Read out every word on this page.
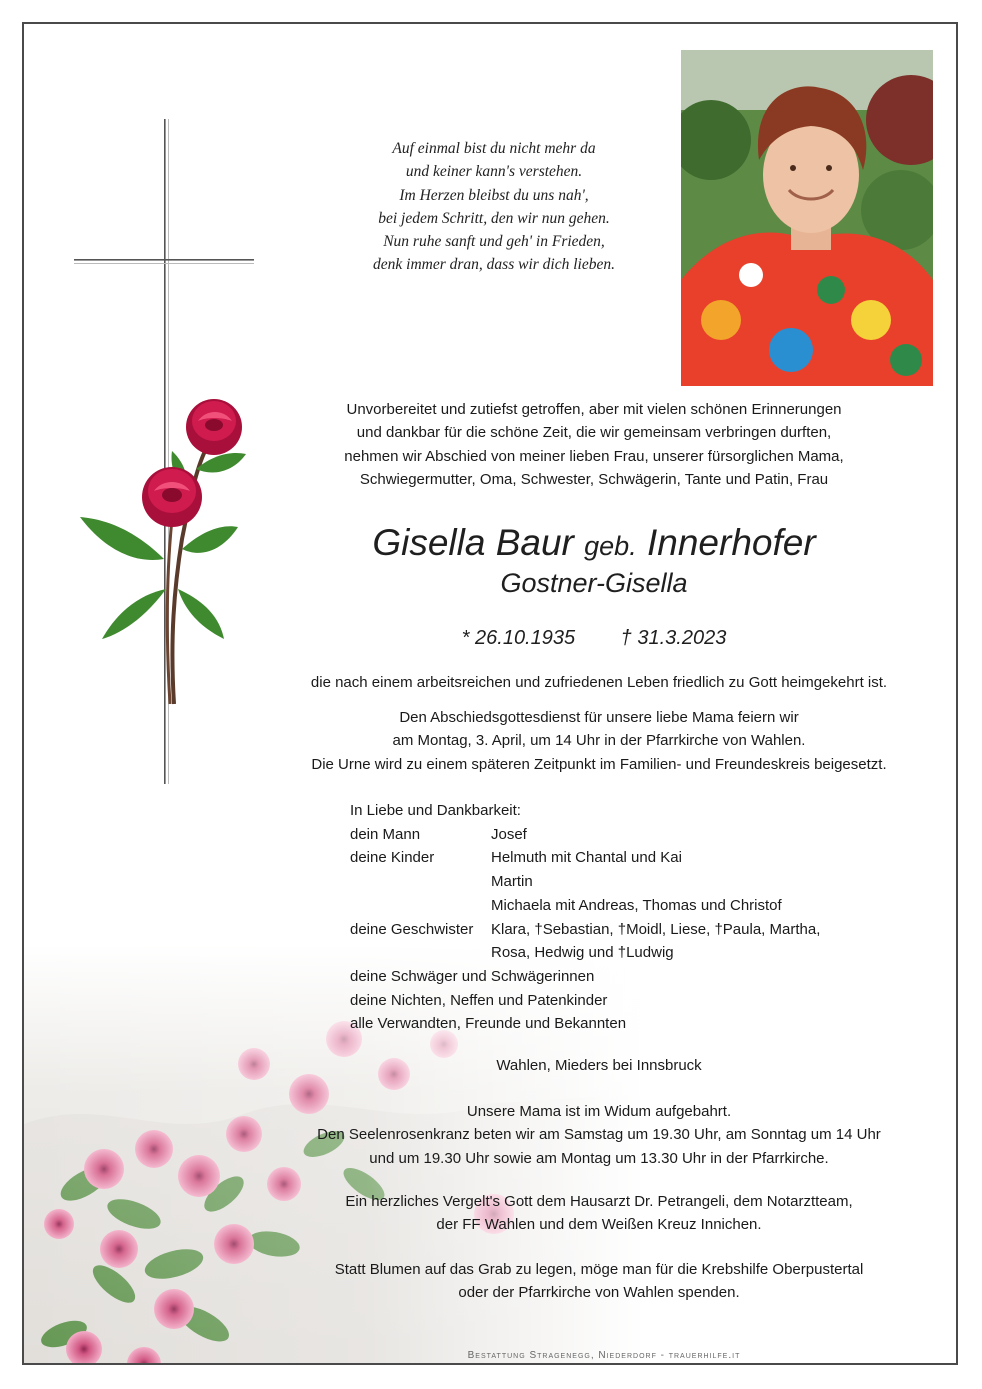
Auf einmal bist du nicht mehr da
und keiner kann's verstehen.
Im Herzen bleibst du uns nah',
bei jedem Schritt, den wir nun gehen.
Nun ruhe sanft und geh' in Frieden,
denk immer dran, dass wir dich lieben.
Unvorbereitet und zutiefst getroffen, aber mit vielen schönen Erinnerungen
und dankbar für die schöne Zeit, die wir gemeinsam verbringen durften,
nehmen wir Abschied von meiner lieben Frau, unserer fürsorglichen Mama,
Schwiegermutter, Oma, Schwester, Schwägerin, Tante und Patin, Frau
Gisella Baur geb. Innerhofer
Gostner-Gisella
* 26.10.1935 † 31.3.2023
die nach einem arbeitsreichen und zufriedenen Leben friedlich zu Gott heimgekehrt ist.
Den Abschiedsgottesdienst für unsere liebe Mama feiern wir
am Montag, 3. April, um 14 Uhr in der Pfarrkirche von Wahlen.
Die Urne wird zu einem späteren Zeitpunkt im Familien- und Freundeskreis beigesetzt.
In Liebe und Dankbarkeit:
dein Mann	Josef
deine Kinder	Helmuth mit Chantal und Kai
Martin
Michaela mit Andreas, Thomas und Christof
deine Geschwister	Klara, †Sebastian, †Moidl, Liese, †Paula, Martha,
Rosa, Hedwig und †Ludwig
deine Schwäger und Schwägerinnen
deine Nichten, Neffen und Patenkinder
alle Verwandten, Freunde und Bekannten
Wahlen, Mieders bei Innsbruck
Unsere Mama ist im Widum aufgebahrt.
Den Seelenrosenkranz beten wir am Samstag um 19.30 Uhr, am Sonntag um 14 Uhr
und um 19.30 Uhr sowie am Montag um 13.30 Uhr in der Pfarrkirche.
Ein herzliches Vergelt's Gott dem Hausarzt Dr. Petrangeli, dem Notarztteam,
der FF Wahlen und dem Weißen Kreuz Innichen.
Statt Blumen auf das Grab zu legen, möge man für die Krebshilfe Oberpustertal
oder der Pfarrkirche von Wahlen spenden.
Bestattung Stragenegg, Niederdorf - trauerhilfe.it
